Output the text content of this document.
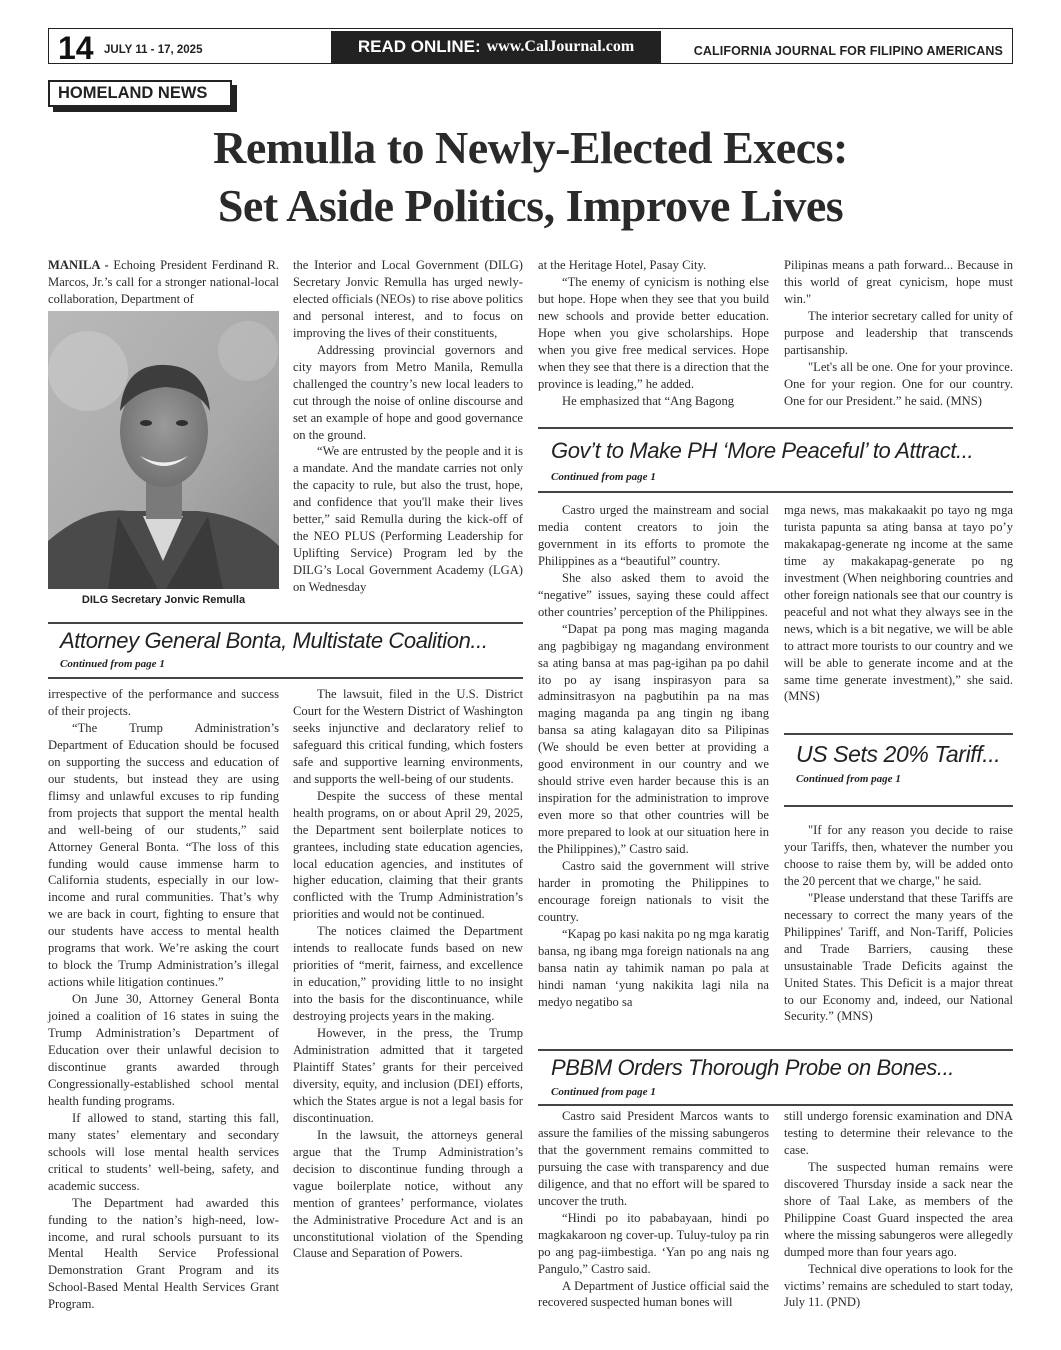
14 JULY 11 - 17, 2025	READ ONLINE: www.CalJournal.com	CALIFORNIA JOURNAL FOR FILIPINO AMERICANS
HOMELAND NEWS
Remulla to Newly-Elected Execs:
Set Aside Politics, Improve Lives

MANILA - Echoing President Ferdinand R. Marcos, Jr.’s call for a stronger national-local collaboration, Department of

DILG Secretary Jonvic Remulla

the Interior and Local Government (DILG) Secretary Jonvic Remulla has urged newly-elected officials (NEOs) to rise above politics and personal interest, and to focus on improving the lives of their constituents,

Addressing provincial governors and city mayors from Metro Manila, Remulla challenged the country’s new local leaders to cut through the noise of online discourse and set an example of hope and good governance on the ground.

“We are entrusted by the people and it is a mandate. And the mandate carries not only the capacity to rule, but also the trust, hope, and confidence that you'll make their lives better,” said Remulla during the kick-off of the NEO PLUS (Performing Leadership for Uplifting Service) Program led by the DILG’s Local Government Academy (LGA) on Wednesday

at the Heritage Hotel, Pasay City.

“The enemy of cynicism is nothing else but hope. Hope when they see that you build new schools and provide better education. Hope when you give scholarships. Hope when you give free medical services. Hope when they see that there is a direction that the province is leading,” he added.

He emphasized that “Ang Bagong

Pilipinas means a path forward... Because in this world of great cynicism, hope must win."

The interior secretary called for unity of purpose and leadership that transcends partisanship.

"Let's all be one. One for your province. One for your region. One for our country. One for our President.” he said. (MNS)

Gov’t to Make PH ‘More Peaceful’ to Attract...
Continued from page 1

Castro urged the mainstream and social media content creators to join the government in its efforts to promote the Philippines as a “beautiful” country.

She also asked them to avoid the “negative” issues, saying these could affect other countries’ perception of the Philippines.

“Dapat pa pong mas maging maganda ang pagbibigay ng magandang environment sa ating bansa at mas pag-igihan pa po dahil ito po ay isang inspirasyon para sa adminsitrasyon na pagbutihin pa na mas maging maganda pa ang tingin ng ibang bansa sa ating kalagayan dito sa Pilipinas (We should be even better at providing a good environment in our country and we should strive even harder because this is an inspiration for the administration to improve even more so that other countries will be more prepared to look at our situation here in the Philippines),” Castro said.

Castro said the government will strive harder in promoting the Philippines to encourage foreign nationals to visit the country.

“Kapag po kasi nakita po ng mga karatig bansa, ng ibang mga foreign nationals na ang bansa natin ay tahimik naman po pala at hindi naman ‘yung nakikita lagi nila na medyo negatibo sa

mga news, mas makakaakit po tayo ng mga turista papunta sa ating bansa at tayo po’y makakapag-generate ng income at the same time ay makakapag-generate po ng investment (When neighboring countries and other foreign nationals see that our country is peaceful and not what they always see in the news, which is a bit negative, we will be able to attract more tourists to our country and we will be able to generate income and at the same time generate investment),” she said. (MNS)

US Sets 20% Tariff...
Continued from page 1

"If for any reason you decide to raise your Tariffs, then, whatever the number you choose to raise them by, will be added onto the 20 percent that we charge," he said.

"Please understand that these Tariffs are necessary to correct the many years of the Philippines' Tariff, and Non-Tariff, Policies and Trade Barriers, causing these unsustainable Trade Deficits against the United States. This Deficit is a major threat to our Economy and, indeed, our National Security.” (MNS)

Attorney General Bonta, Multistate Coalition...
Continued from page 1

irrespective of the performance and success of their projects.

“The Trump Administration’s Department of Education should be focused on supporting the success and education of our students, but instead they are using flimsy and unlawful excuses to rip funding from projects that support the mental health and well-being of our students,” said Attorney General Bonta. “The loss of this funding would cause immense harm to California students, especially in our low-income and rural communities. That’s why we are back in court, fighting to ensure that our students have access to mental health programs that work. We’re asking the court to block the Trump Administration’s illegal actions while litigation continues.”

On June 30, Attorney General Bonta joined a coalition of 16 states in suing the Trump Administration’s Department of Education over their unlawful decision to discontinue grants awarded through Congressionally-established school mental health funding programs.

If allowed to stand, starting this fall, many states’ elementary and secondary schools will lose mental health services critical to students’ well-being, safety, and academic success.

The Department had awarded this funding to the nation’s high-need, low-income, and rural schools pursuant to its Mental Health Service Professional Demonstration Grant Program and its School-Based Mental Health Services Grant Program.

The lawsuit, filed in the U.S. District Court for the Western District of Washington seeks injunctive and declaratory relief to safeguard this critical funding, which fosters safe and supportive learning environments, and supports the well-being of our students.

Despite the success of these mental health programs, on or about April 29, 2025, the Department sent boilerplate notices to grantees, including state education agencies, local education agencies, and institutes of higher education, claiming that their grants conflicted with the Trump Administration’s priorities and would not be continued.

The notices claimed the Department intends to reallocate funds based on new priorities of “merit, fairness, and excellence in education,” providing little to no insight into the basis for the discontinuance, while destroying projects years in the making.

However, in the press, the Trump Administration admitted that it targeted Plaintiff States’ grants for their perceived diversity, equity, and inclusion (DEI) efforts, which the States argue is not a legal basis for discontinuation.

In the lawsuit, the attorneys general argue that the Trump Administration’s decision to discontinue funding through a vague boilerplate notice, without any mention of grantees’ performance, violates the Administrative Procedure Act and is an unconstitutional violation of the Spending Clause and Separation of Powers.

PBBM Orders Thorough Probe on Bones...
Continued from page 1

Castro said President Marcos wants to assure the families of the missing sabungeros that the government remains committed to pursuing the case with transparency and due diligence, and that no effort will be spared to uncover the truth.

“Hindi po ito pababayaan, hindi po magkakaroon ng cover-up. Tuluy-tuloy pa rin po ang pag-iimbestiga. ‘Yan po ang nais ng Pangulo,” Castro said.

A Department of Justice official said the recovered suspected human bones will

still undergo forensic examination and DNA testing to determine their relevance to the case.

The suspected human remains were discovered Thursday inside a sack near the shore of Taal Lake, as members of the Philippine Coast Guard inspected the area where the missing sabungeros were allegedly dumped more than four years ago.

Technical dive operations to look for the victims’ remains are scheduled to start today, July 11. (PND)
